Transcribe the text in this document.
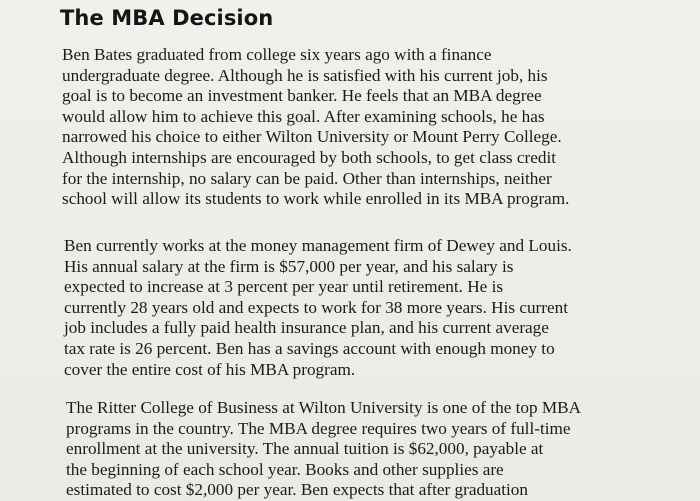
The MBA Decision

Ben Bates graduated from college six years ago with a finance
undergraduate degree. Although he is satisfied with his current job, his
goal is to become an investment banker. He feels that an MBA degree
would allow him to achieve this goal. After examining schools, he has
narrowed his choice to either Wilton University or Mount Perry College.
Although internships are encouraged by both schools, to get class credit
for the internship, no salary can be paid. Other than internships, neither
school will allow its students to work while enrolled in its MBA program.

Ben currently works at the money management firm of Dewey and Louis.
His annual salary at the firm is $57,000 per year, and his salary is
expected to increase at 3 percent per year until retirement. He is
currently 28 years old and expects to work for 38 more years. His current
job includes a fully paid health insurance plan, and his current average
tax rate is 26 percent. Ben has a savings account with enough money to
cover the entire cost of his MBA program.

The Ritter College of Business at Wilton University is one of the top MBA
programs in the country. The MBA degree requires two years of full-time
enrollment at the university. The annual tuition is $62,000, payable at
the beginning of each school year. Books and other supplies are
estimated to cost $2,000 per year. Ben expects that after graduation
